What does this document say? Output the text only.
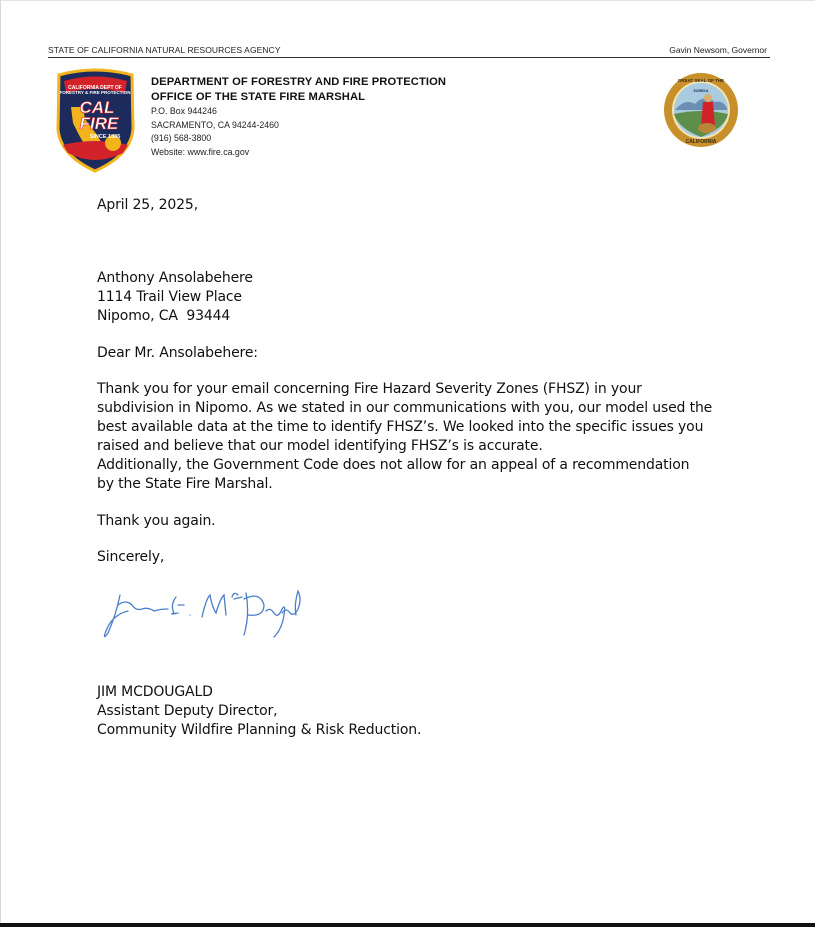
STATE OF CALIFORNIA NATURAL RESOURCES AGENCY	Gavin Newsom, Governor
CALIFORNIA DEPT OF
FORESTRY & FIRE PROTECTION
CAL
FIRE
SINCE 1885
DEPARTMENT OF FORESTRY AND FIRE PROTECTION
OFFICE OF THE STATE FIRE MARSHAL
P.O. Box 944246
SACRAMENTO, CA 94244-2460
(916) 568-3800
Website: www.fire.ca.gov
GREAT SEAL OF THE
CALIFORNIA
EUREKA
April 25, 2025,
Anthony Ansolabehere
1114 Trail View Place
Nipomo, CA  93444
Dear Mr. Ansolabehere:
Thank you for your email concerning Fire Hazard Severity Zones (FHSZ) in your
subdivision in Nipomo. As we stated in our communications with you, our model used the
best available data at the time to identify FHSZ’s. We looked into the specific issues you
raised and believe that our model identifying FHSZ’s is accurate.
Additionally, the Government Code does not allow for an appeal of a recommendation
by the State Fire Marshal.
Thank you again.
Sincerely,
JIM MCDOUGALD
Assistant Deputy Director,
Community Wildfire Planning & Risk Reduction.
